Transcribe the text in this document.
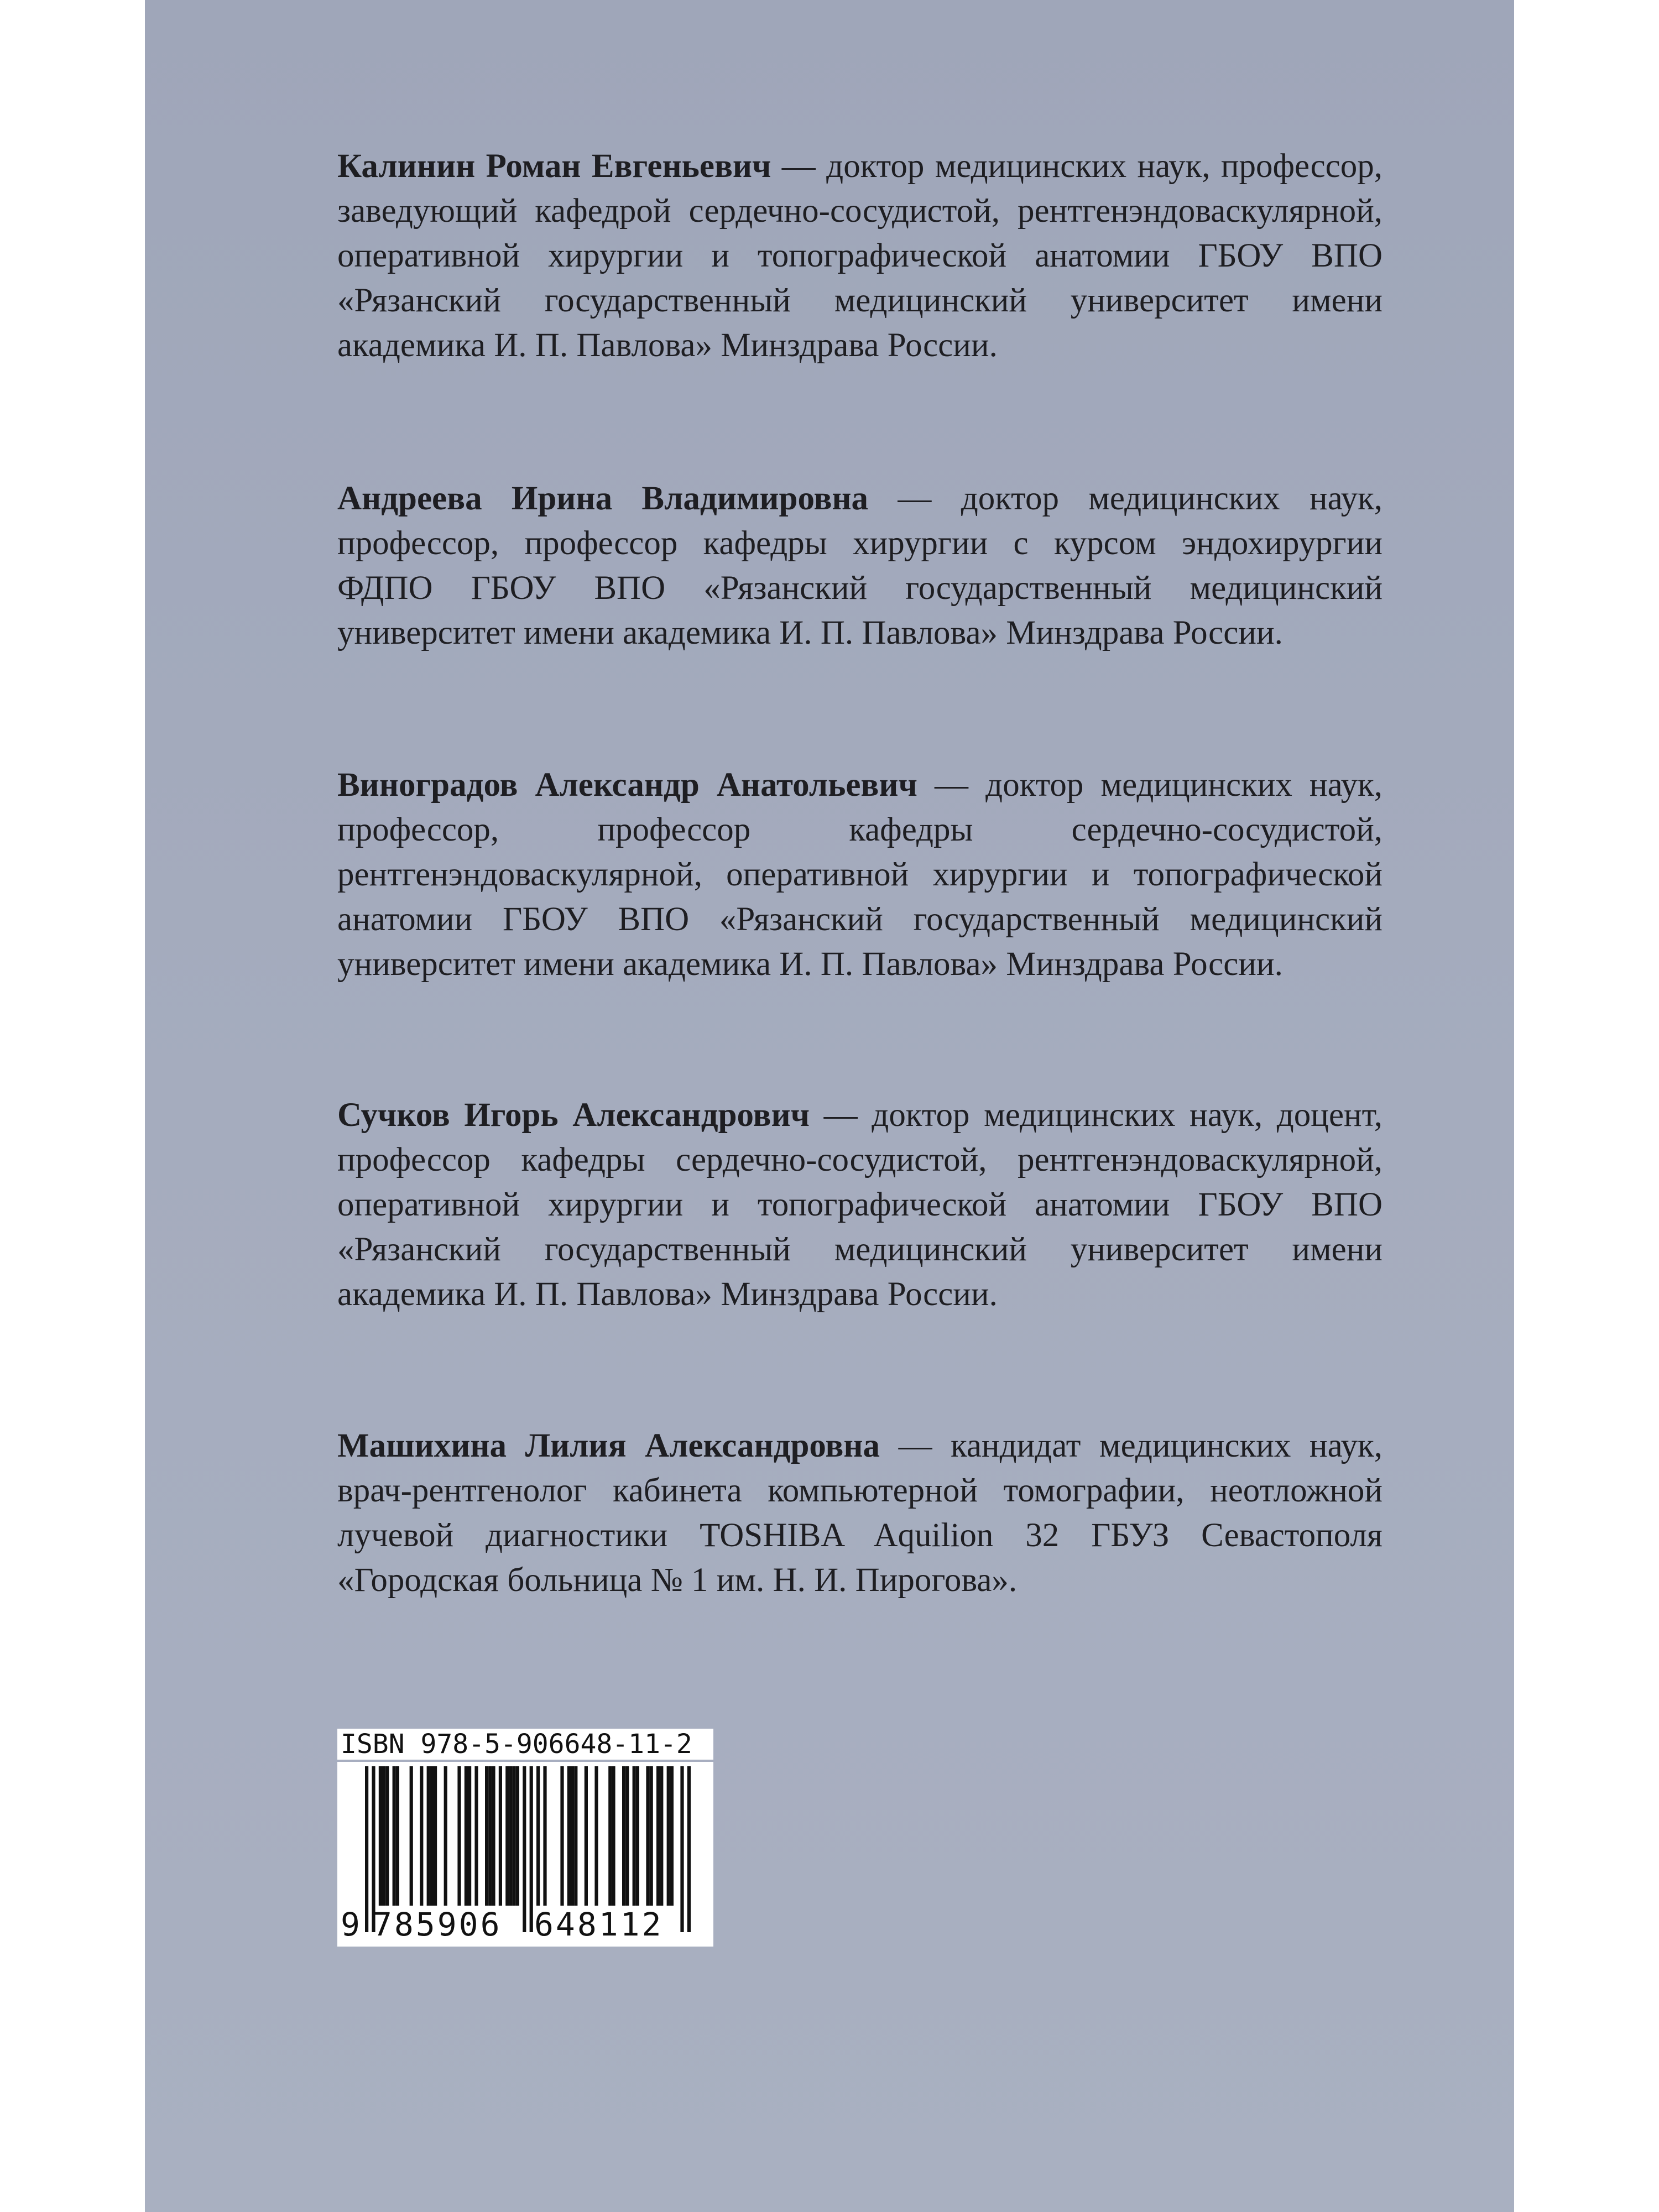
Калинин Роман Евгеньевич — доктор медицинских наук, профессор, заведующий кафедрой сердечно-сосудистой, рентгенэндоваскулярной, оперативной хирургии и топографической анатомии ГБОУ ВПО «Рязанский государственный медицинский университет имени академика И. П. Павлова» Минздрава России.

Андреева Ирина Владимировна — доктор медицинских наук, профессор, профессор кафедры хирургии с курсом эндохирургии ФДПО ГБОУ ВПО «Рязанский государственный медицинский университет имени академика И. П. Павлова» Минздрава России.

Виноградов Александр Анатольевич — доктор медицинских наук, профессор, профессор кафедры сердечно-сосудистой, рентгенэндоваскулярной, оперативной хирургии и топографической анатомии ГБОУ ВПО «Рязанский государственный медицинский университет имени академика И. П. Павлова» Минздрава России.

Сучков Игорь Александрович — доктор медицинских наук, доцент, профессор кафедры сердечно-сосудистой, рентгенэндоваскулярной, оперативной хирургии и топографической анатомии ГБОУ ВПО «Рязанский государственный медицинский университет имени академика И. П. Павлова» Минздрава России.

Машихина Лилия Александровна — кандидат медицинских наук, врач-рентгенолог кабинета компьютерной томографии, неотложной лучевой диагностики TOSHIBA Aquilion 32 ГБУЗ Севастополя «Городская больница № 1 им. Н. И. Пирогова».

ISBN 978-5-906648-11-2
9 785906 648112
